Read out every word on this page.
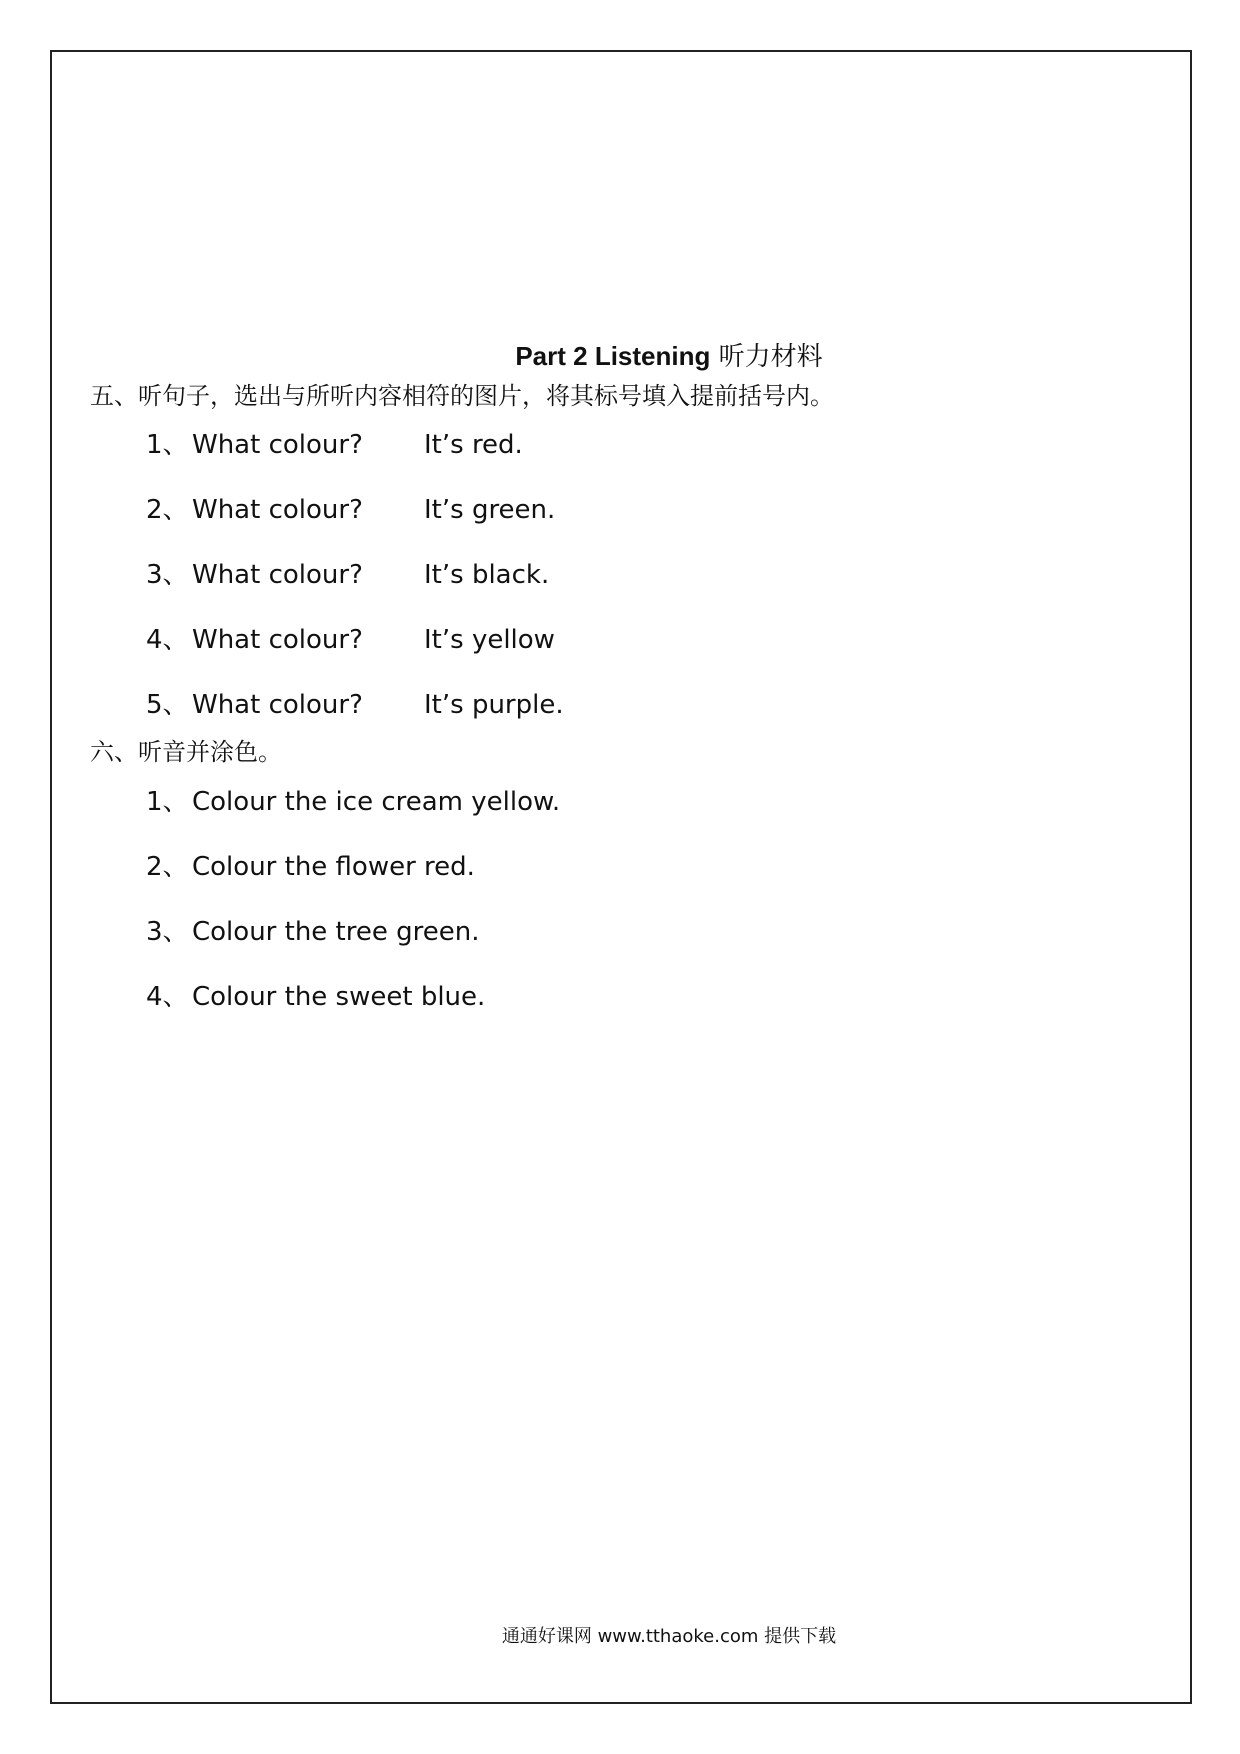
Part 2 Listening 听力材料
五、听句子，选出与所听内容相符的图片，将其标号填入提前括号内。
1、 What colour? It’s red.
2、 What colour? It’s green.
3、 What colour? It’s black.
4、 What colour? It’s yellow
5、 What colour? It’s purple.
六、听音并涂色。
1、 Colour the ice cream yellow.
2、 Colour the flower red.
3、 Colour the tree green.
4、 Colour the sweet blue.
通通好课网 www.tthaoke.com 提供下载
